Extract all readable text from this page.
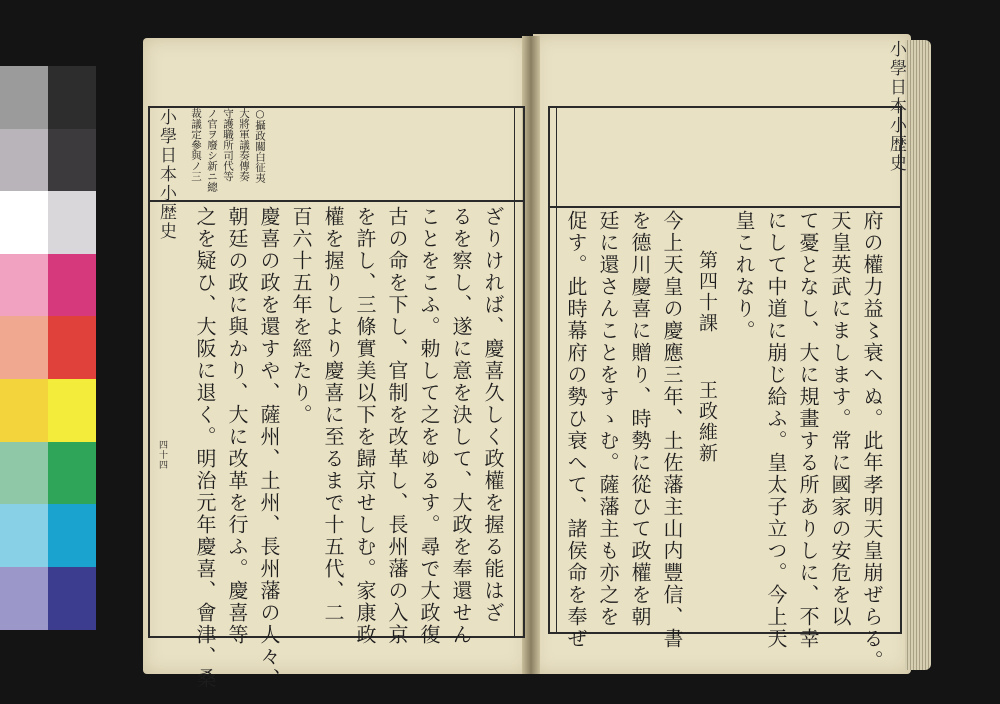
○攝政關白征夷
大將軍議奏傳奏
守護職所司代等
ノ官ヲ廢シ新ニ總
裁議定參與ノ三
小學日本小歴史
四十四	ざりければ、慶喜久しく政權を握る能はざ
るを察し、遂に意を決して、大政を奉還せん
ことをこふ。勅して之をゆるす。尋で大政復
古の命を下し、官制を改革し、長州藩の入京
を許し、三條實美以下を歸京せしむ。家康政
權を握りしより慶喜に至るまで十五代、二
百六十五年を經たり。
慶喜の政を還すや、薩州、土州、長州藩の人々、
朝廷の政に與かり、大に改革を行ふ。慶喜等
之を疑ひ、大阪に退く。明治元年慶喜、會津、桑
小學日本小歴史
府の權力益〻衰へぬ。此年孝明天皇崩ぜらる。
天皇英武にまします。常に國家の安危を以
て憂となし、大に規畫する所ありしに、不幸
にして中道に崩じ給ふ。皇太子立つ。今上天
皇これなり。
第四十課
王政維新
今上天皇の慶應三年、土佐藩主山内豐信、書
を德川慶喜に贈り、時勢に從ひて政權を朝
廷に還さんことをすゝむ。薩藩主も亦之を
促す。此時幕府の勢ひ衰へて、諸侯命を奉ぜ
